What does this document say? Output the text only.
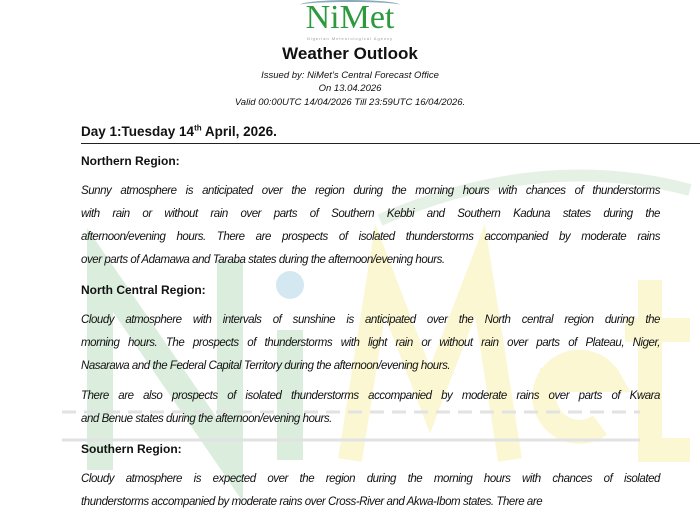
NiMet
Nigerian Meteorological Agency
Weather Outlook
Issued by: NiMet’s Central Forecast Office
On 13.04.2026
Valid 00:00UTC 14/04/2026 Till 23:59UTC 16/04/2026.
Day 1:Tuesday 14th April, 2026.
Northern Region:
Sunny atmosphere is anticipated over the region during the morning hours with chances of thunderstorms
with rain or without rain over parts of Southern Kebbi and Southern Kaduna states during the
afternoon/evening hours. There are prospects of isolated thunderstorms accompanied by moderate rains
over parts of Adamawa and Taraba states during the afternoon/evening hours.
North Central Region:
Cloudy atmosphere with intervals of sunshine is anticipated over the North central region during the
morning hours. The prospects of thunderstorms with light rain or without rain over parts of Plateau, Niger,
Nasarawa and the Federal Capital Territory during the afternoon/evening hours.
There are also prospects of isolated thunderstorms accompanied by moderate rains over parts of Kwara
and Benue states during the afternoon/evening hours.
Southern Region:
Cloudy atmosphere is expected over the region during the morning hours with chances of isolated
thunderstorms accompanied by moderate rains over Cross-River and Akwa-Ibom states. There are
